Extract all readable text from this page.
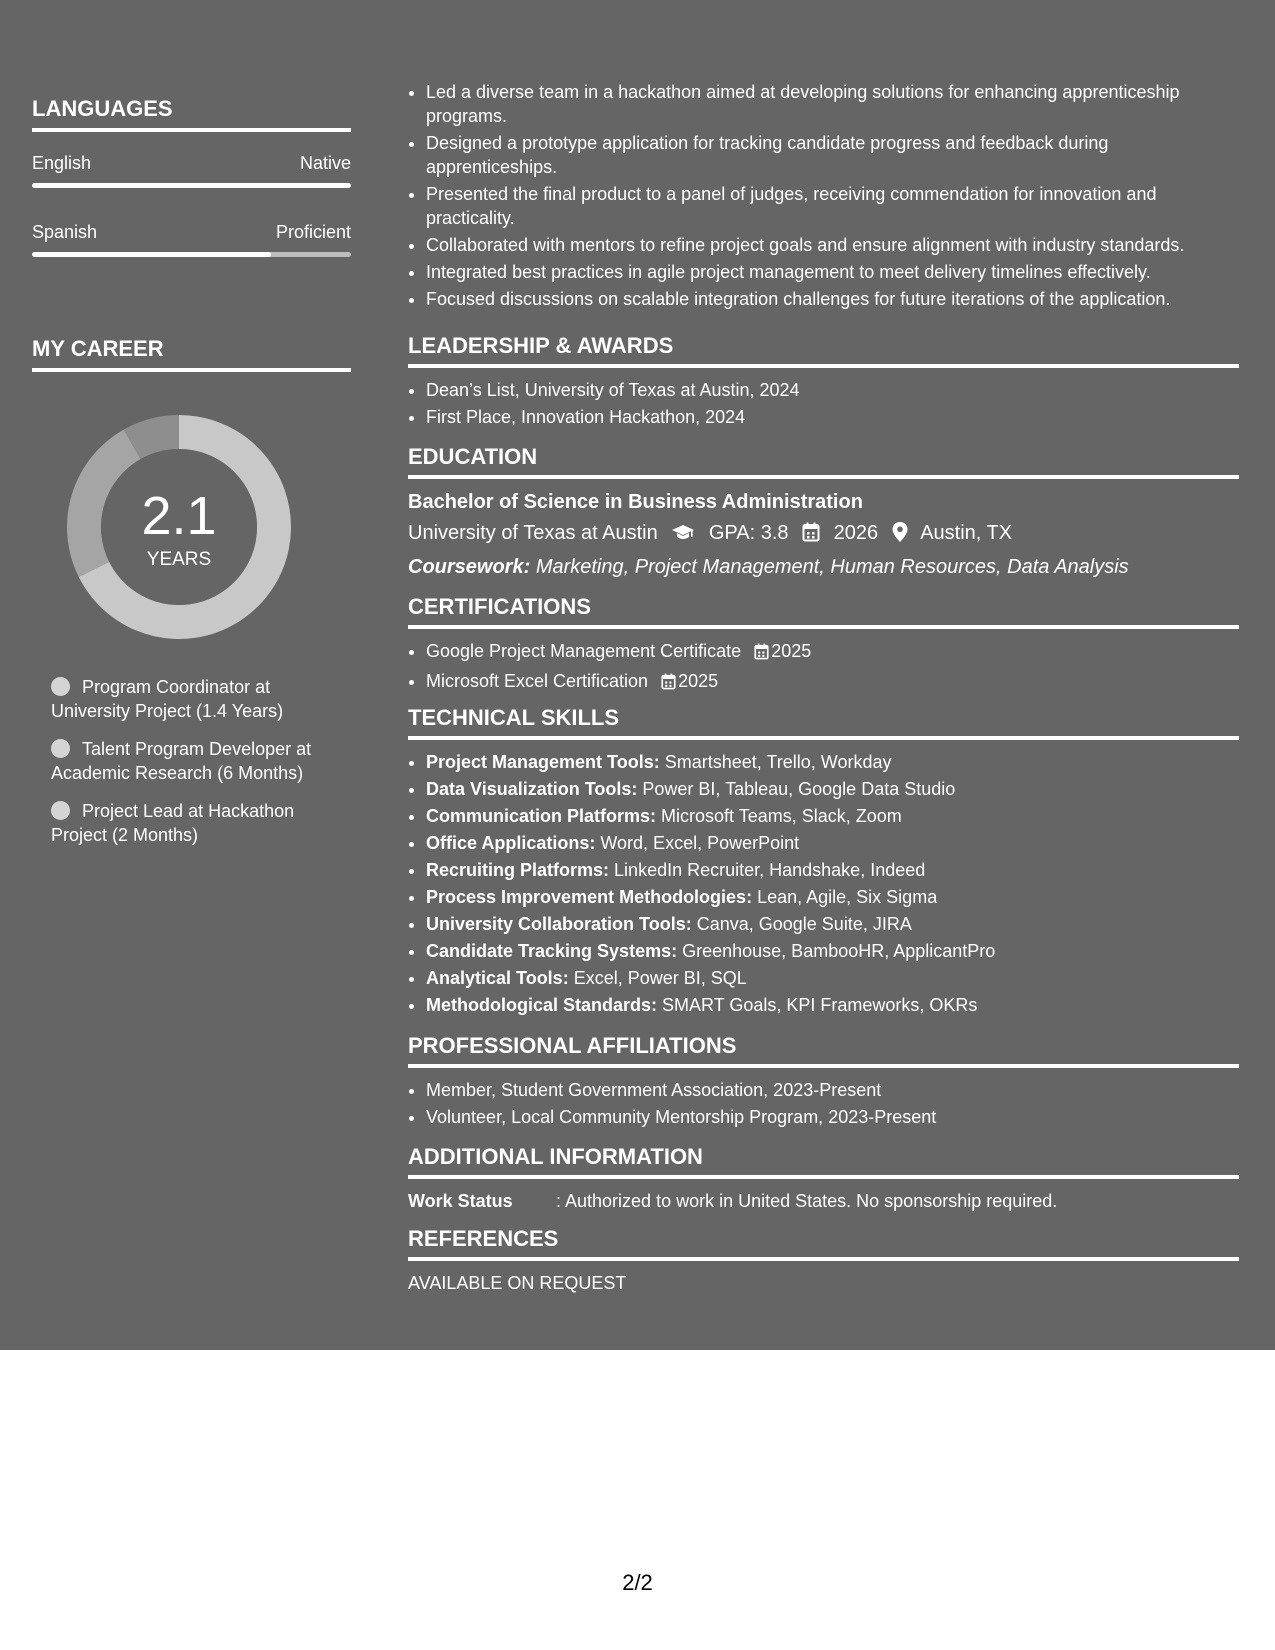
LANGUAGES
English	Native
Spanish	Proficient
MY CAREER
2.1
YEARS
Program Coordinator at University Project (1.4 Years)
Talent Program Developer at Academic Research (6 Months)
Project Lead at Hackathon Project (2 Months)
• Led a diverse team in a hackathon aimed at developing solutions for enhancing apprenticeship programs.
• Designed a prototype application for tracking candidate progress and feedback during apprenticeships.
• Presented the final product to a panel of judges, receiving commendation for innovation and practicality.
• Collaborated with mentors to refine project goals and ensure alignment with industry standards.
• Integrated best practices in agile project management to meet delivery timelines effectively.
• Focused discussions on scalable integration challenges for future iterations of the application.
LEADERSHIP & AWARDS
• Dean’s List, University of Texas at Austin, 2024
• First Place, Innovation Hackathon, 2024
EDUCATION
Bachelor of Science in Business Administration
University of Texas at Austin	GPA: 3.8 2026 Austin, TX
Coursework: Marketing, Project Management, Human Resources, Data Analysis
CERTIFICATIONS
• Google Project Management Certificate 2025
• Microsoft Excel Certification 2025
TECHNICAL SKILLS
• Project Management Tools: Smartsheet, Trello, Workday
• Data Visualization Tools: Power BI, Tableau, Google Data Studio
• Communication Platforms: Microsoft Teams, Slack, Zoom
• Office Applications: Word, Excel, PowerPoint
• Recruiting Platforms: LinkedIn Recruiter, Handshake, Indeed
• Process Improvement Methodologies: Lean, Agile, Six Sigma
• University Collaboration Tools: Canva, Google Suite, JIRA
• Candidate Tracking Systems: Greenhouse, BambooHR, ApplicantPro
• Analytical Tools: Excel, Power BI, SQL
• Methodological Standards: SMART Goals, KPI Frameworks, OKRs
PROFESSIONAL AFFILIATIONS
• Member, Student Government Association, 2023-Present
• Volunteer, Local Community Mentorship Program, 2023-Present
ADDITIONAL INFORMATION
Work Status : Authorized to work in United States. No sponsorship required.
REFERENCES
AVAILABLE ON REQUEST
2/2
